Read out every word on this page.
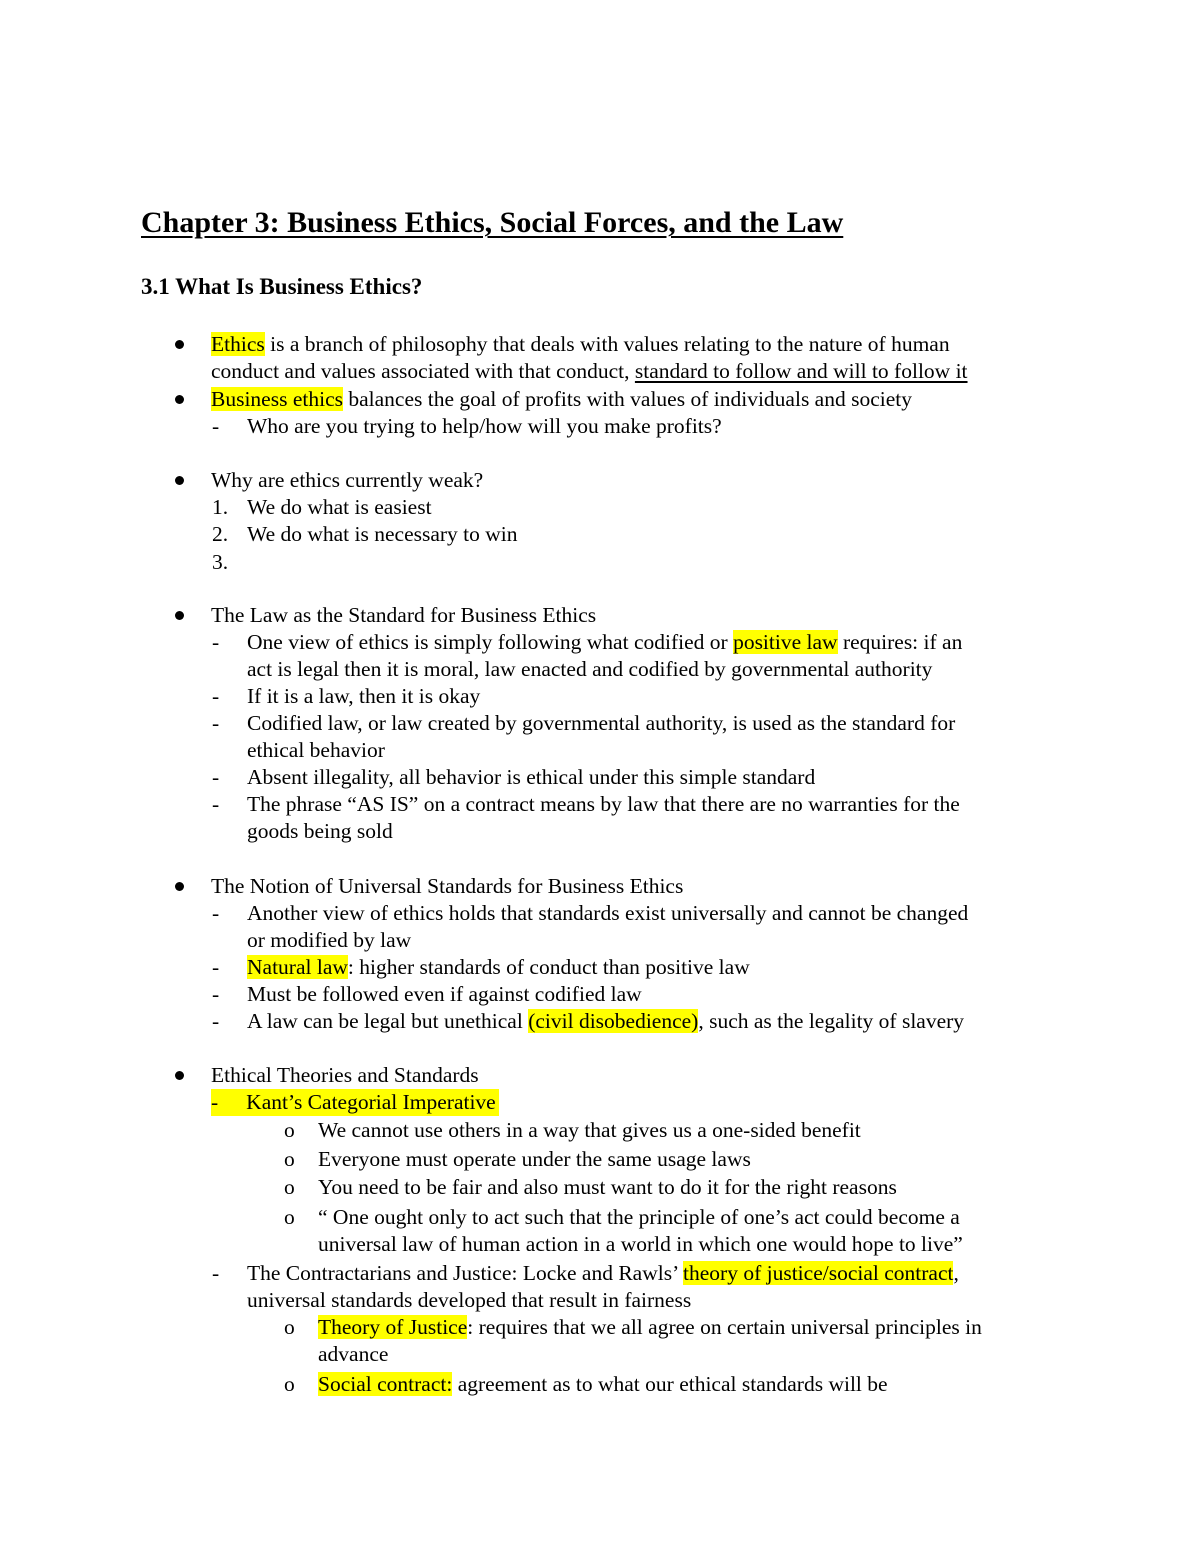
Chapter 3: Business Ethics, Social Forces, and the Law
3.1 What Is Business Ethics?
Ethics is a branch of philosophy that deals with values relating to the nature of human
conduct and values associated with that conduct, standard to follow and will to follow it
Business ethics balances the goal of profits with values of individuals and society
- Who are you trying to help/how will you make profits?
Why are ethics currently weak?
1. We do what is easiest
2. We do what is necessary to win
3.
The Law as the Standard for Business Ethics
- One view of ethics is simply following what codified or positive law requires: if an
act is legal then it is moral, law enacted and codified by governmental authority
- If it is a law, then it is okay
- Codified law, or law created by governmental authority, is used as the standard for
ethical behavior
- Absent illegality, all behavior is ethical under this simple standard
- The phrase “AS IS” on a contract means by law that there are no warranties for the
goods being sold
The Notion of Universal Standards for Business Ethics
- Another view of ethics holds that standards exist universally and cannot be changed
or modified by law
- Natural law: higher standards of conduct than positive law
- Must be followed even if against codified law
- A law can be legal but unethical (civil disobedience), such as the legality of slavery
Ethical Theories and Standards
- Kant’s Categorial Imperative
o We cannot use others in a way that gives us a one-sided benefit
o Everyone must operate under the same usage laws
o You need to be fair and also must want to do it for the right reasons
o “ One ought only to act such that the principle of one’s act could become a
universal law of human action in a world in which one would hope to live”
- The Contractarians and Justice: Locke and Rawls’ theory of justice/social contract,
universal standards developed that result in fairness
o Theory of Justice: requires that we all agree on certain universal principles in
advance
o Social contract: agreement as to what our ethical standards will be
